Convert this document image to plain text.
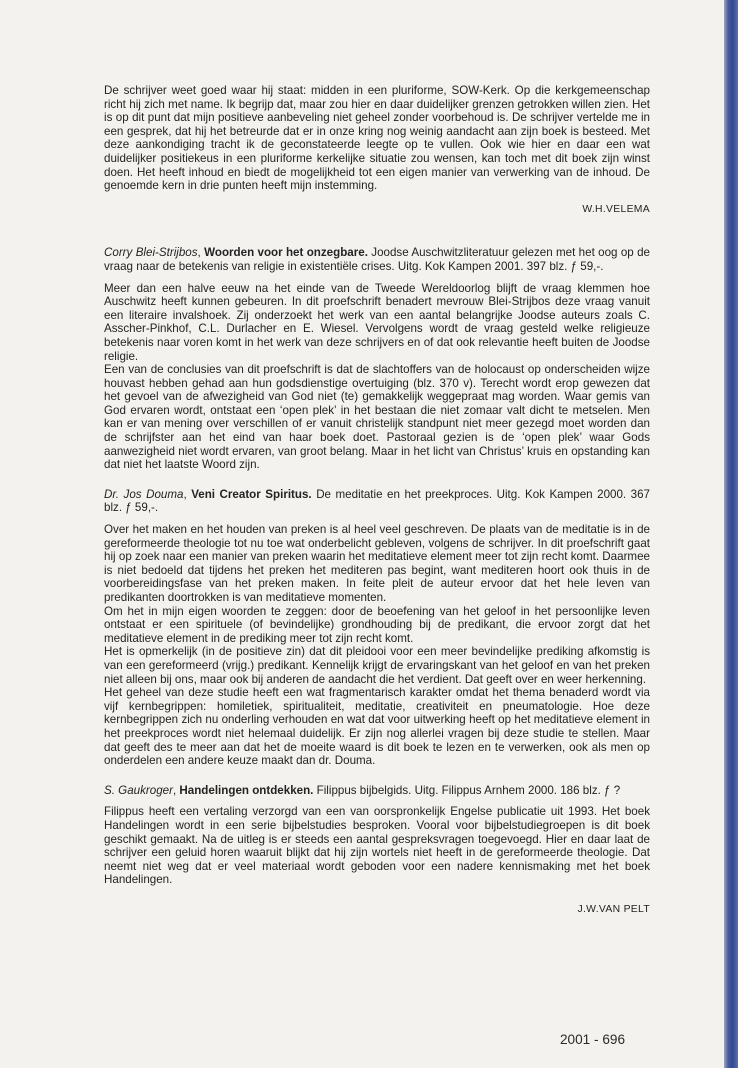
De schrijver weet goed waar hij staat: midden in een pluriforme, SOW-Kerk. Op die kerkgemeenschap richt hij zich met name. Ik begrijp dat, maar zou hier en daar duidelijker grenzen getrokken willen zien. Het is op dit punt dat mijn positieve aanbeveling niet geheel zonder voorbehoud is. De schrijver vertelde me in een gesprek, dat hij het betreurde dat er in onze kring nog weinig aandacht aan zijn boek is besteed. Met deze aankondiging tracht ik de geconstateerde leegte op te vullen. Ook wie hier en daar een wat duidelijker positiekeus in een pluriforme kerkelijke situatie zou wensen, kan toch met dit boek zijn winst doen. Het heeft inhoud en biedt de mogelijkheid tot een eigen manier van verwerking van de inhoud. De genoemde kern in drie punten heeft mijn instemming.

W.H.VELEMA

Corry Blei-Strijbos, Woorden voor het onzegbare. Joodse Auschwitzliteratuur gelezen met het oog op de vraag naar de betekenis van religie in existentiële crises. Uitg. Kok Kampen 2001. 397 blz. ƒ 59,-.

Meer dan een halve eeuw na het einde van de Tweede Wereldoorlog blijft de vraag klemmen hoe Auschwitz heeft kunnen gebeuren. In dit proefschrift benadert mevrouw Blei-Strijbos deze vraag vanuit een literaire invalshoek. Zij onderzoekt het werk van een aantal belangrijke Joodse auteurs zoals C. Asscher-Pinkhof, C.L. Durlacher en E. Wiesel. Vervolgens wordt de vraag gesteld welke religieuze betekenis naar voren komt in het werk van deze schrijvers en of dat ook relevantie heeft buiten de Joodse religie.

Een van de conclusies van dit proefschrift is dat de slachtoffers van de holocaust op onderscheiden wijze houvast hebben gehad aan hun godsdienstige overtuiging (blz. 370 v). Terecht wordt erop gewezen dat het gevoel van de afwezigheid van God niet (te) gemakkelijk weggepraat mag worden. Waar gemis van God ervaren wordt, ontstaat een ‘open plek’ in het bestaan die niet zomaar valt dicht te metselen. Men kan er van mening over verschillen of er vanuit christelijk standpunt niet meer gezegd moet worden dan de schrijfster aan het eind van haar boek doet. Pastoraal gezien is de ‘open plek’ waar Gods aanwezigheid niet wordt ervaren, van groot belang. Maar in het licht van Christus’ kruis en opstanding kan dat niet het laatste Woord zijn.

Dr. Jos Douma, Veni Creator Spiritus. De meditatie en het preekproces. Uitg. Kok Kampen 2000. 367 blz. ƒ 59,-.

Over het maken en het houden van preken is al heel veel geschreven. De plaats van de meditatie is in de gereformeerde theologie tot nu toe wat onderbelicht gebleven, volgens de schrijver. In dit proefschrift gaat hij op zoek naar een manier van preken waarin het meditatieve element meer tot zijn recht komt. Daarmee is niet bedoeld dat tijdens het preken het mediteren pas begint, want mediteren hoort ook thuis in de voorbereidingsfase van het preken maken. In feite pleit de auteur ervoor dat het hele leven van predikanten doortrokken is van meditatieve momenten.

Om het in mijn eigen woorden te zeggen: door de beoefening van het geloof in het persoonlijke leven ontstaat er een spirituele (of bevindelijke) grondhouding bij de predikant, die ervoor zorgt dat het meditatieve element in de prediking meer tot zijn recht komt.

Het is opmerkelijk (in de positieve zin) dat dit pleidooi voor een meer bevindelijke prediking afkomstig is van een gereformeerd (vrijg.) predikant. Kennelijk krijgt de ervaringskant van het geloof en van het preken niet alleen bij ons, maar ook bij anderen de aandacht die het verdient. Dat geeft over en weer herkenning.

Het geheel van deze studie heeft een wat fragmentarisch karakter omdat het thema benaderd wordt via vijf kernbegrippen: homiletiek, spiritualiteit, meditatie, creativiteit en pneumatologie. Hoe deze kernbegrippen zich nu onderling verhouden en wat dat voor uitwerking heeft op het meditatieve element in het preekproces wordt niet helemaal duidelijk. Er zijn nog allerlei vragen bij deze studie te stellen. Maar dat geeft des te meer aan dat het de moeite waard is dit boek te lezen en te verwerken, ook als men op onderdelen een andere keuze maakt dan dr. Douma.

S. Gaukroger, Handelingen ontdekken. Filippus bijbelgids. Uitg. Filippus Arnhem 2000. 186 blz. ƒ ?

Filippus heeft een vertaling verzorgd van een van oorspronkelijk Engelse publicatie uit 1993. Het boek Handelingen wordt in een serie bijbelstudies besproken. Vooral voor bijbelstudiegroepen is dit boek geschikt gemaakt. Na de uitleg is er steeds een aantal gespreksvragen toegevoegd. Hier en daar laat de schrijver een geluid horen waaruit blijkt dat hij zijn wortels niet heeft in de gereformeerde theologie. Dat neemt niet weg dat er veel materiaal wordt geboden voor een nadere kennismaking met het boek Handelingen.

J.W.VAN PELT

2001 - 696
